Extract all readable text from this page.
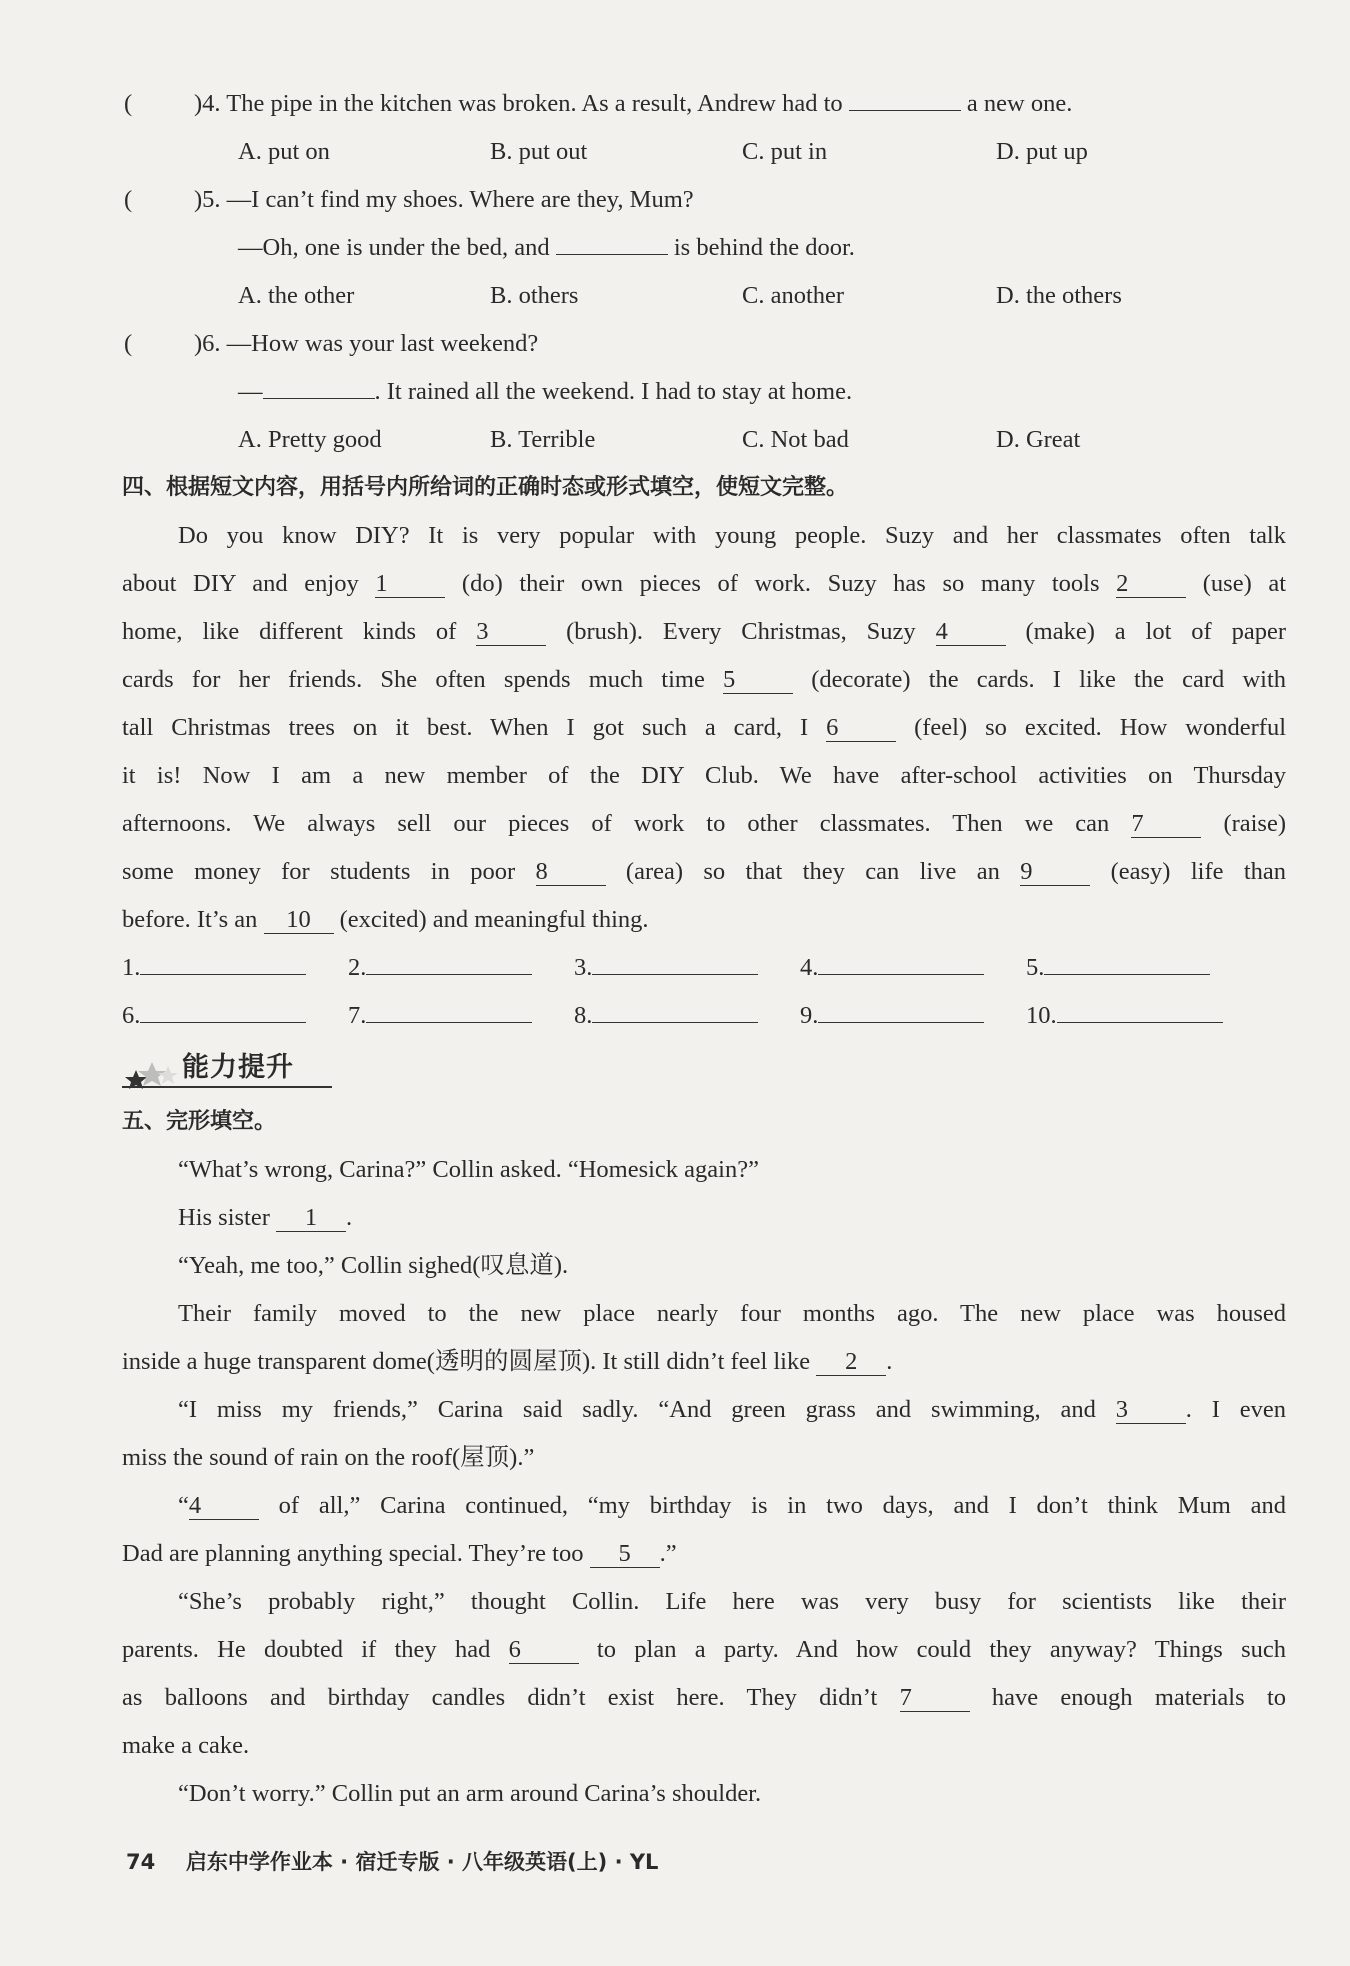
(	)4. The pipe in the kitchen was broken. As a result, Andrew had to	a new one.
A. put on	B. put out	C. put in	D. put up
(	)5. —I can’t find my shoes. Where are they, Mum?
—Oh, one is under the bed, and	is behind the door.
A. the other	B. others	C. another	D. the others
(	)6. —How was your last weekend?
—	. It rained all the weekend. I had to stay at home.
A. Pretty good	B. Terrible	C. Not bad	D. Great
四、根据短文内容，用括号内所给词的正确时态或形式填空，使短文完整。
Do you know DIY? It is very popular with young people. Suzy and her classmates often talk
about DIY and enjoy 1	(do) their own pieces of work. Suzy has so many tools 2	(use) at
home, like different kinds of 3	(brush). Every Christmas, Suzy 4	(make) a lot of paper
cards for her friends. She often spends much time 5	(decorate) the cards. I like the card with
tall Christmas trees on it best. When I got such a card, I 6	(feel) so excited. How wonderful
it is! Now I am a new member of the DIY Club. We have after-school activities on Thursday
afternoons. We always sell our pieces of work to other classmates. Then we can 7	(raise)
some money for students in poor 8	(area) so that they can live an 9	(easy) life than
before. It’s an 10 (excited) and meaningful thing.
1.	2.	3.	4.	5.
6.	7.	8.	9.	10.
能力提升
五、完形填空。
“What’s wrong, Carina?” Collin asked. “Homesick again?”
His sister 1 .
“Yeah, me too,” Collin sighed(叹息道).
Their family moved to the new place nearly four months ago. The new place was housed
inside a huge transparent dome(透明的圆屋顶). It still didn’t feel like 2 .
“I miss my friends,” Carina said sadly. “And green grass and swimming, and 3 . I even
miss the sound of rain on the roof(屋顶).”
“4	of all,” Carina continued, “my birthday is in two days, and I don’t think Mum and
Dad are planning anything special. They’re too 5 .”
“She’s probably right,” thought Collin. Life here was very busy for scientists like their
parents. He doubted if they had 6	to plan a party. And how could they anyway? Things such
as balloons and birthday candles didn’t exist here. They didn’t 7	have enough materials to
make a cake.
“Don’t worry.” Collin put an arm around Carina’s shoulder.
74 启东中学作业本 · 宿迁专版 · 八年级英语(上) · YL
